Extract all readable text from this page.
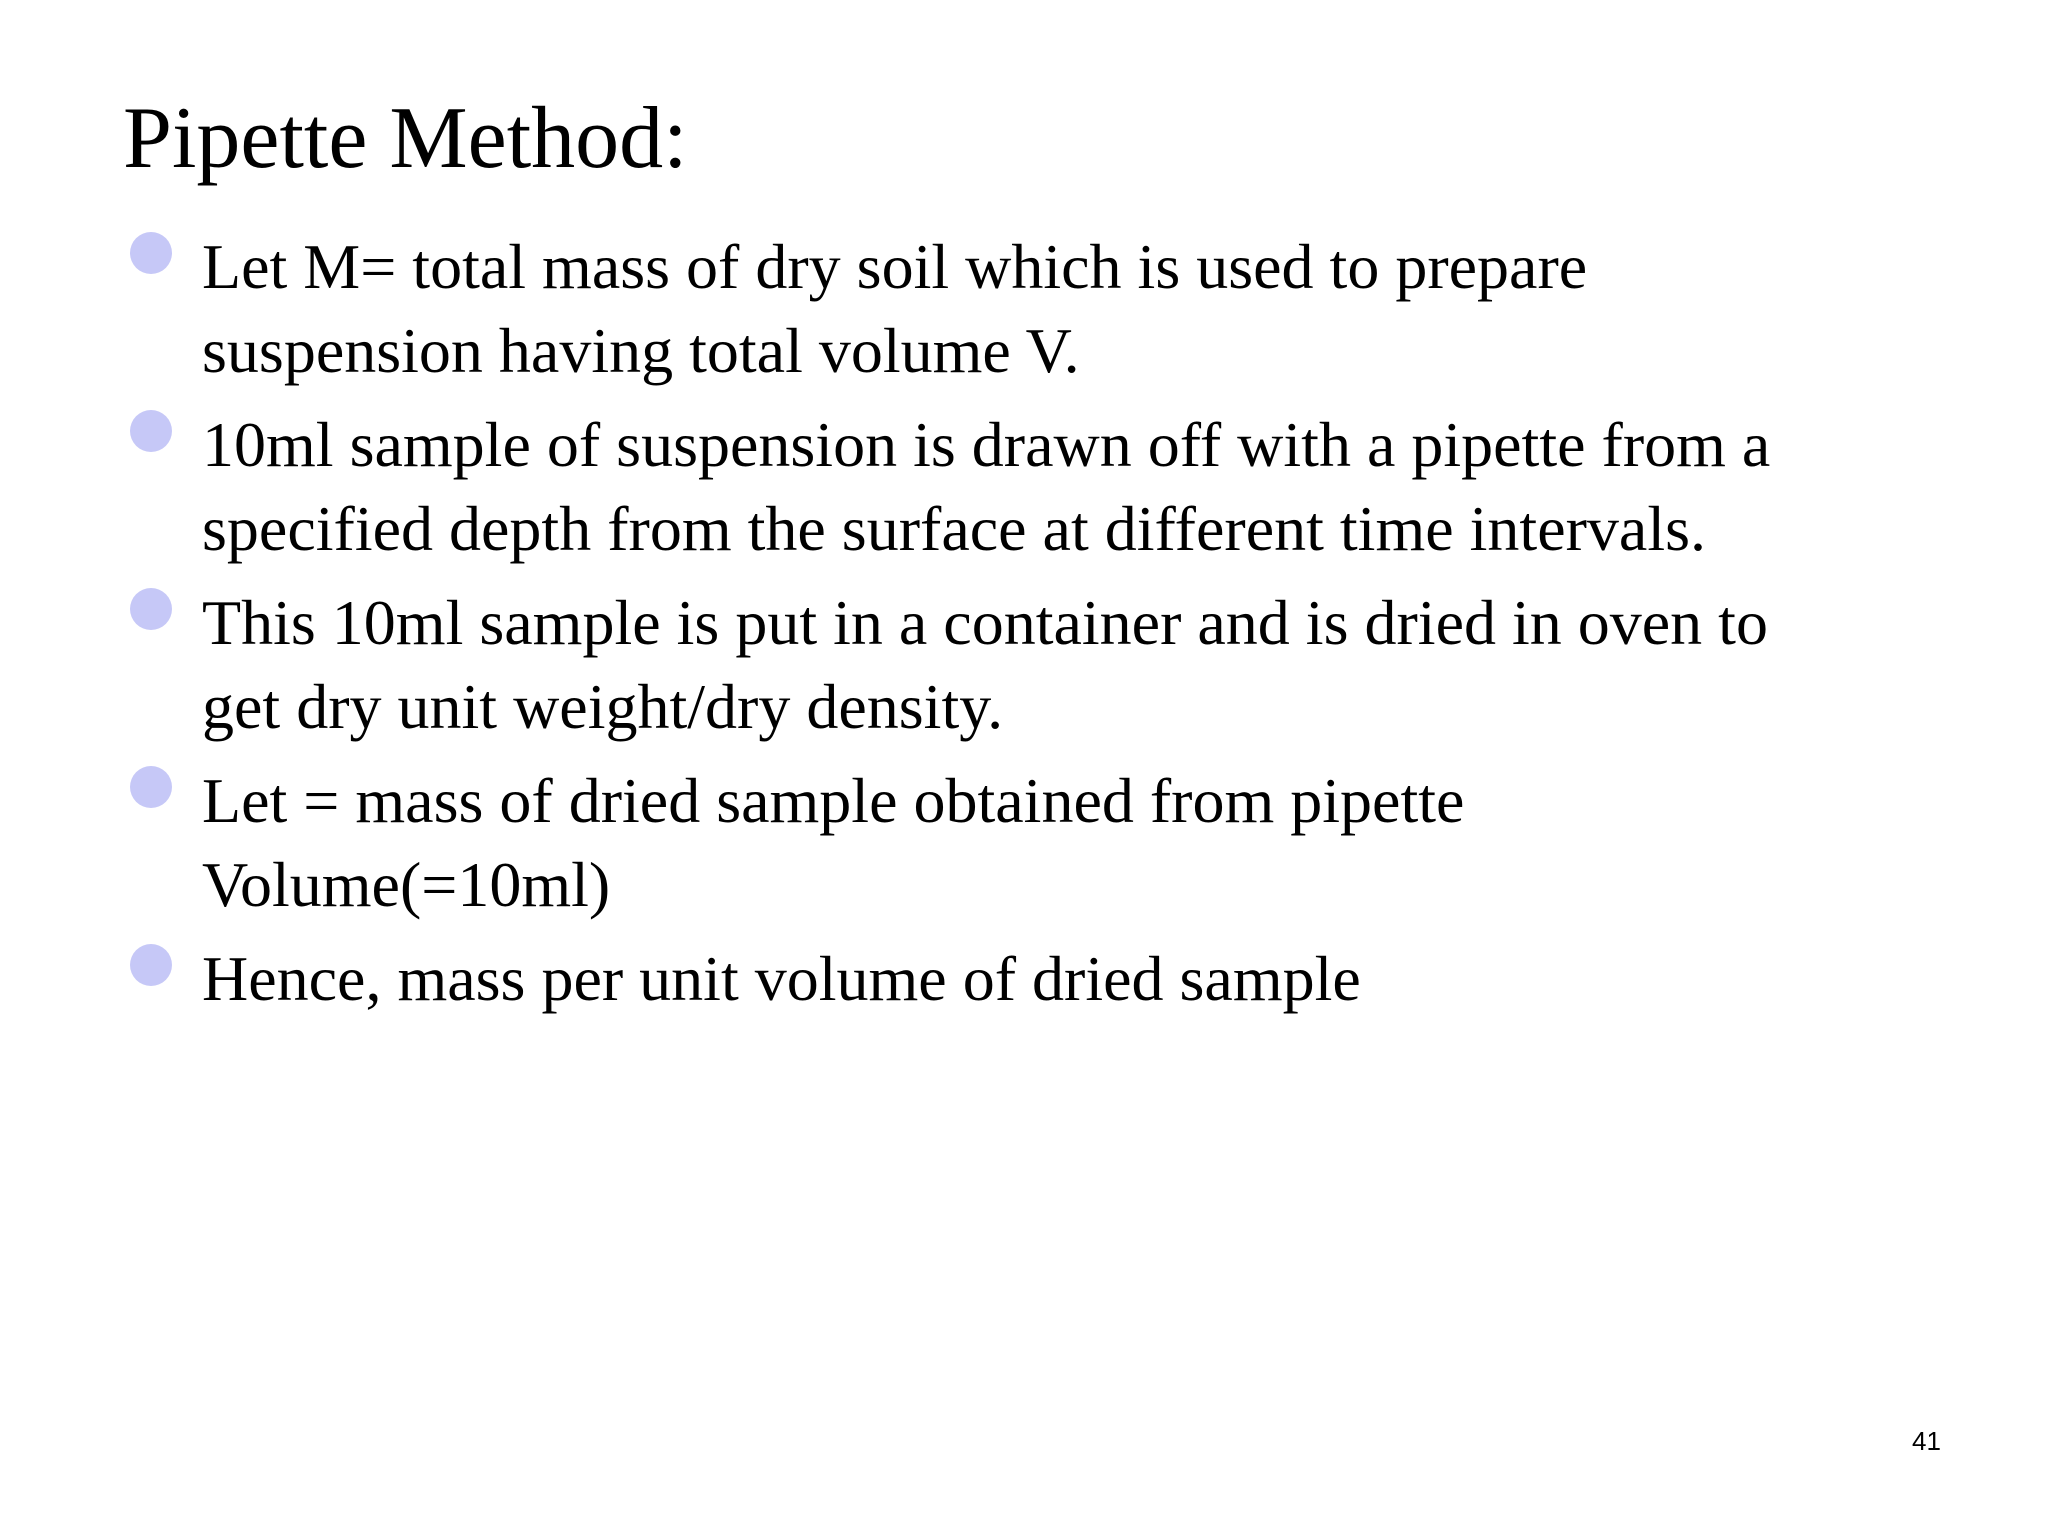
Pipette Method:
Let M= total mass of dry soil which is used to prepare
suspension having total volume V.
10ml sample of suspension is drawn off with a pipette from a
specified depth from the surface at different time intervals.
This 10ml sample is put in a container and is dried in oven to
get dry unit weight/dry density.
Let = mass of dried sample obtained from pipette
Volume(=10ml)
Hence, mass per unit volume of dried sample
41
